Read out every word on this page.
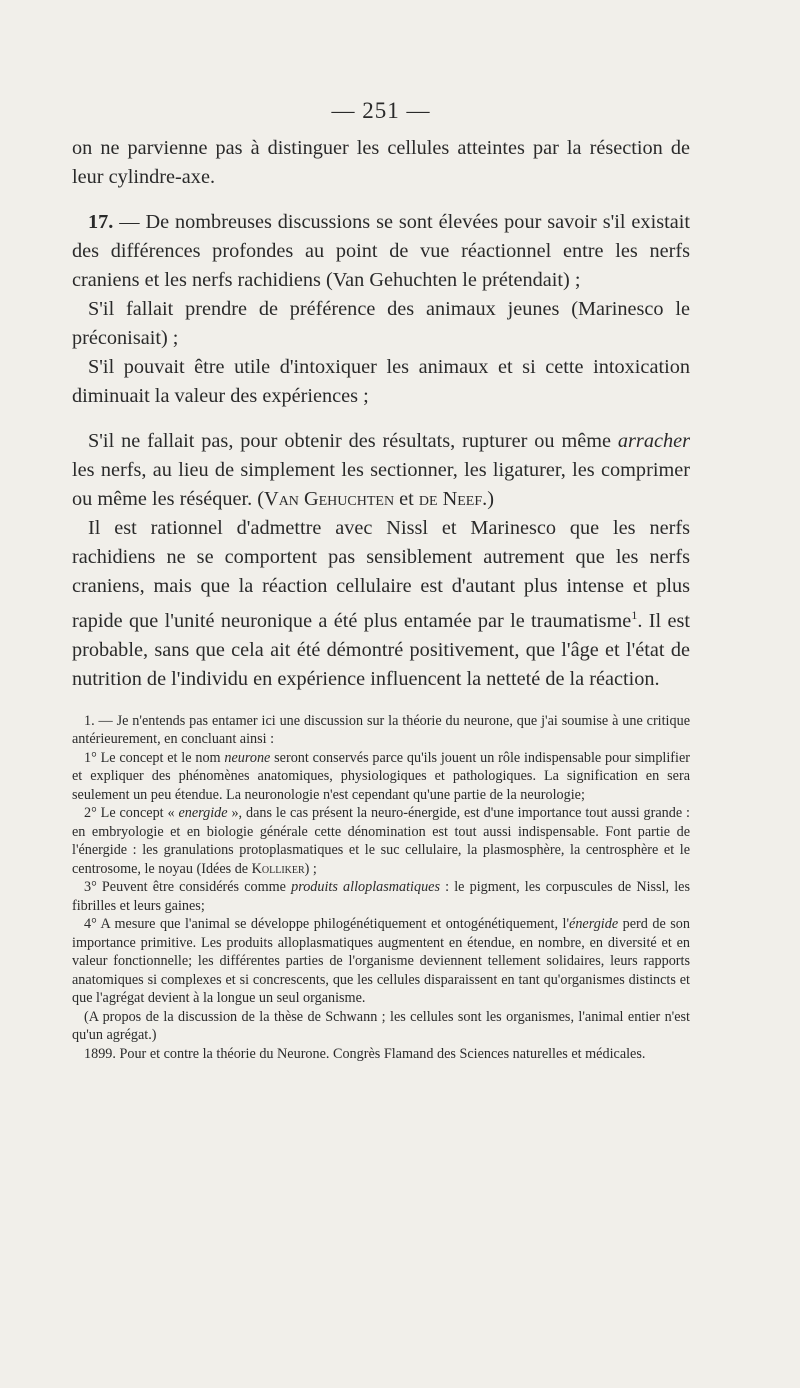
— 251 —

on ne parvienne pas à distinguer les cellules atteintes par la résection de leur cylindre-axe.

17. — De nombreuses discussions se sont élevées pour savoir s'il existait des différences profondes au point de vue réactionnel entre les nerfs craniens et les nerfs rachidiens (Van Gehuchten le prétendait) ;

S'il fallait prendre de préférence des animaux jeunes (Marinesco le préconisait) ;

S'il pouvait être utile d'intoxiquer les animaux et si cette intoxication diminuait la valeur des expériences ;

S'il ne fallait pas, pour obtenir des résultats, rupturer ou même arracher les nerfs, au lieu de simplement les sectionner, les ligaturer, les comprimer ou même les réséquer. (Van Gehuchten et de Neef.)

Il est rationnel d'admettre avec Nissl et Marinesco que les nerfs rachidiens ne se comportent pas sensiblement autrement que les nerfs craniens, mais que la réaction cellulaire est d'autant plus intense et plus rapide que l'unité neuronique a été plus entamée par le traumatisme$^1$. Il est probable, sans que cela ait été démontré positivement, que l'âge et l'état de nutrition de l'individu en expérience influencent la netteté de la réaction.

1. — Je n'entends pas entamer ici une discussion sur la théorie du neurone, que j'ai soumise à une critique antérieurement, en concluant ainsi :

1° Le concept et le nom neurone seront conservés parce qu'ils jouent un rôle indispensable pour simplifier et expliquer des phénomènes anatomiques, physiologiques et pathologiques. La signification en sera seulement un peu étendue. La neuronologie n'est cependant qu'une partie de la neurologie;

2° Le concept « energide », dans le cas présent la neuro-énergide, est d'une importance tout aussi grande : en embryologie et en biologie générale cette dénomination est tout aussi indispensable. Font partie de l'énergide : les granulations protoplasmatiques et le suc cellulaire, la plasmosphère, la centrosphère et le centrosome, le noyau (Idées de Kolliker) ;

3° Peuvent être considérés comme produits alloplasmatiques : le pigment, les corpuscules de Nissl, les fibrilles et leurs gaines;

4° A mesure que l'animal se développe philogénétiquement et ontogénétiquement, l'énergide perd de son importance primitive. Les produits alloplasmatiques augmentent en étendue, en nombre, en diversité et en valeur fonctionnelle; les différentes parties de l'organisme deviennent tellement solidaires, leurs rapports anatomiques si complexes et si concrescents, que les cellules disparaissent en tant qu'organismes distincts et que l'agrégat devient à la longue un seul organisme.

(A propos de la discussion de la thèse de Schwann ; les cellules sont les organismes, l'animal entier n'est qu'un agrégat.)

1899. Pour et contre la théorie du Neurone. Congrès Flamand des Sciences naturelles et médicales.
